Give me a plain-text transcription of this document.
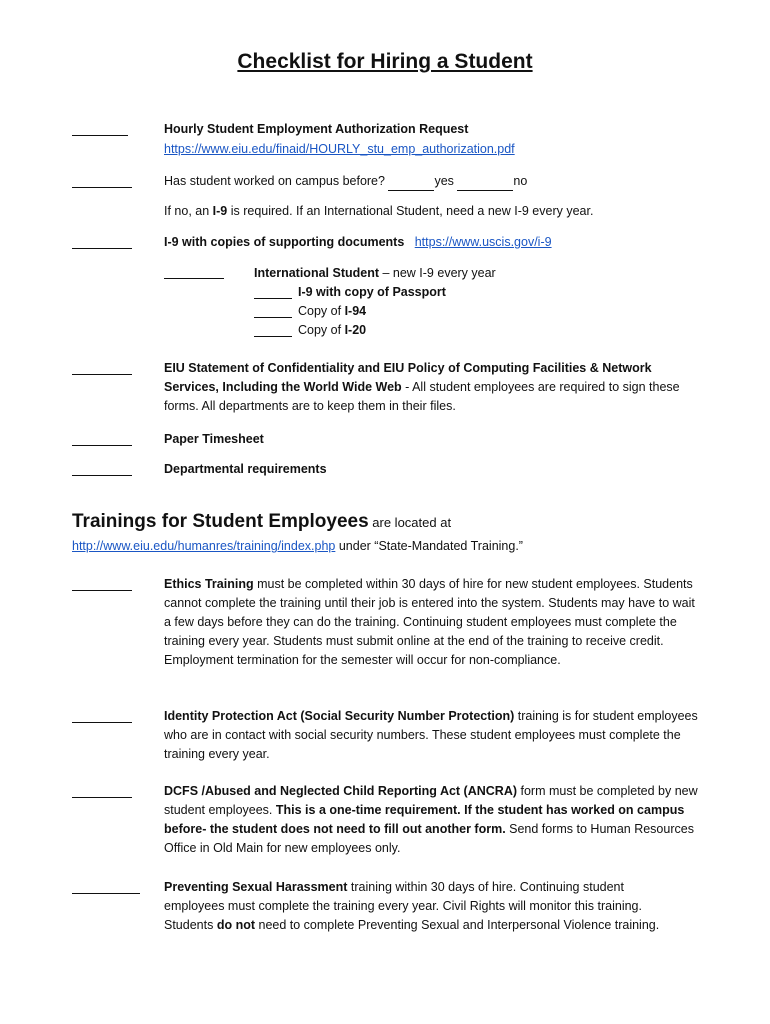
Checklist for Hiring a Student
Hourly Student Employment Authorization Request
https://www.eiu.edu/finaid/HOURLY_stu_emp_authorization.pdf
Has student worked on campus before?	yes	no
If no, an I-9 is required. If an International Student, need a new I-9 every year.
I-9 with copies of supporting documents https://www.uscis.gov/i-9
International Student – new I-9 every year
I-9 with copy of Passport
Copy of I-94
Copy of I-20
EIU Statement of Confidentiality and EIU Policy of Computing Facilities & Network Services, Including the World Wide Web - All student employees are required to sign these forms. All departments are to keep them in their files.
Paper Timesheet
Departmental requirements
Trainings for Student Employees are located at
http://www.eiu.edu/humanres/training/index.php under “State-Mandated Training.”
Ethics Training must be completed within 30 days of hire for new student employees. Students cannot complete the training until their job is entered into the system. Students may have to wait a few days before they can do the training. Continuing student employees must complete the training every year. Students must submit online at the end of the training to receive credit. Employment termination for the semester will occur for non-compliance.
Identity Protection Act (Social Security Number Protection) training is for student employees who are in contact with social security numbers. These student employees must complete the training every year.
DCFS /Abused and Neglected Child Reporting Act (ANCRA) form must be completed by new student employees. This is a one-time requirement. If the student has worked on campus before- the student does not need to fill out another form. Send forms to Human Resources Office in Old Main for new employees only.
Preventing Sexual Harassment training within 30 days of hire. Continuing student employees must complete the training every year. Civil Rights will monitor this training. Students do not need to complete Preventing Sexual and Interpersonal Violence training.
